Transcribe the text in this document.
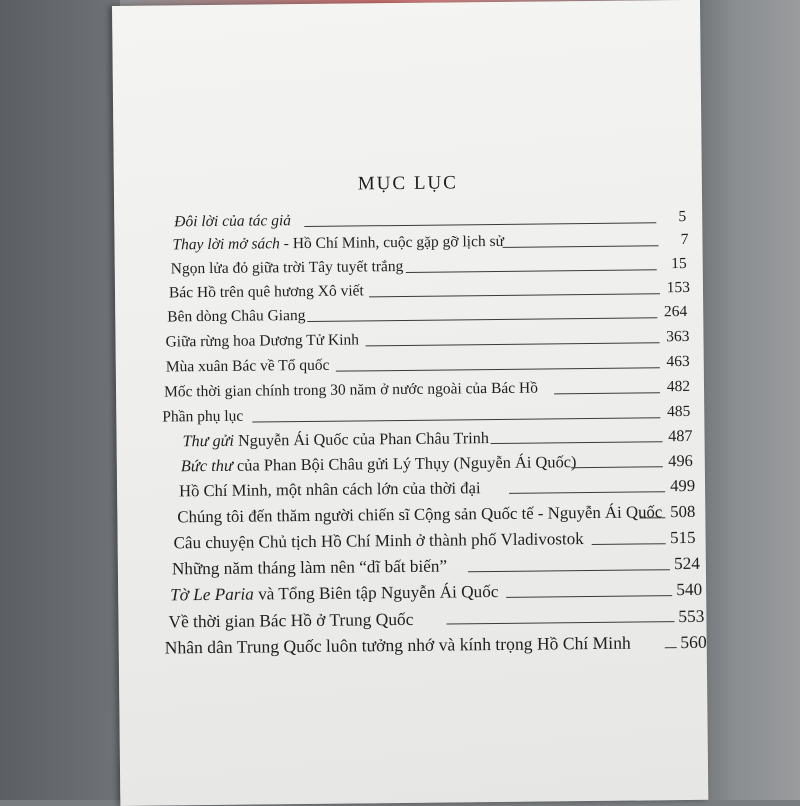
MỤC LỤC
Đôi lời của tác giả	5
Thay lời mở sách - Hồ Chí Minh, cuộc gặp gỡ lịch sử	7
Ngọn lửa đỏ giữa trời Tây tuyết trắng	15
Bác Hồ trên quê hương Xô viết	153
Bên dòng Châu Giang	264
Giữa rừng hoa Dương Tử Kinh	363
Mùa xuân Bác về Tổ quốc	463
Mốc thời gian chính trong 30 năm ở nước ngoài của Bác Hồ	482
Phần phụ lục	485
Thư gửi Nguyễn Ái Quốc của Phan Châu Trinh	487
Bức thư của Phan Bội Châu gửi Lý Thụy (Nguyễn Ái Quốc)	496
Hồ Chí Minh, một nhân cách lớn của thời đại	499
Chúng tôi đến thăm người chiến sĩ Cộng sản Quốc tế - Nguyễn Ái Quốc 508
Câu chuyện Chủ tịch Hồ Chí Minh ở thành phố Vladivostok	515
Những năm tháng làm nên “dĩ bất biến”	524
Tờ Le Paria và Tổng Biên tập Nguyễn Ái Quốc	540
Về thời gian Bác Hồ ở Trung Quốc	553
Nhân dân Trung Quốc luôn tưởng nhớ và kính trọng Hồ Chí Minh	560
